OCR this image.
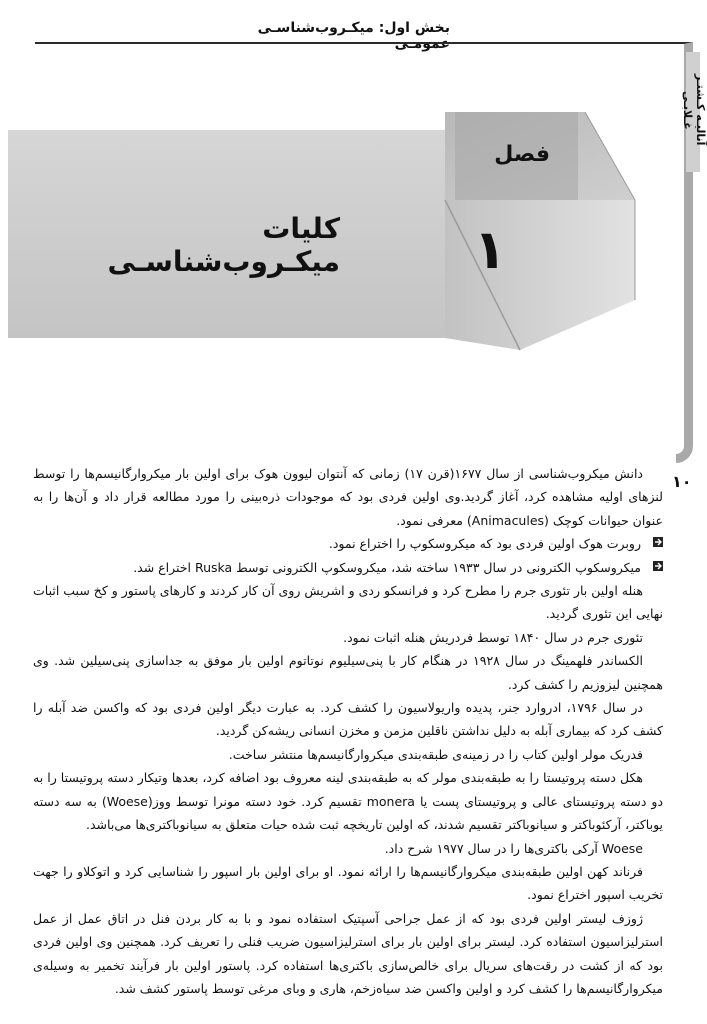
بخش اول: میکـروب‌شناسـی عمومـی
آنالیـه کـشتـر غـلابـی
۱۰
فصل
۱
کلیات میکـروب‌شناسـی

دانش میکروب‌شناسی از سال ۱۶۷۷(قرن ۱۷) زمانی که آنتوان لیوون هوک برای اولین بار میکروارگانیسم‌ها را توسط لنزهای اولیه مشاهده کرد، آغاز گردید.وی اولین فردی بود که موجودات ذره‌بینی را مورد مطالعه قرار داد و آن‌ها را به عنوان حیوانات کوچک (Animacules) معرفی نمود.

روبرت هوک اولین فردی بود که میکروسکوپ را اختراع نمود.

میکروسکوپ الکترونی در سال ۱۹۳۳ ساخته شد، میکروسکوپ الکترونی توسط Ruska اختراع شد.

هنله اولین بار تئوری جرم را مطرح کرد و فرانسکو ردی و اشریش روی آن کار کردند و کارهای پاستور و کخ سبب اثبات نهایی این تئوری گردید.

تئوری جرم در سال ۱۸۴۰ توسط فردریش هنله اثبات نمود.

الکساندر فلهمینگ در سال ۱۹۲۸ در هنگام کار با پنی‌سیلیوم نوتاتوم اولین بار موفق به جداسازی پنی‌سیلین شد. وی همچنین لیزوزیم را کشف کرد.

در سال ۱۷۹۶، ادروارد جنر، پدیده واریولاسیون را کشف کرد. به عبارت دیگر اولین فردی بود که واکسن ضد آبله را کشف کرد که بیماری آبله به دلیل نداشتن ناقلین مزمن و مخزن انسانی ریشه‌کن گردید.

فدریک مولر اولین کتاب را در زمینه‌ی طبقه‌بندی میکروارگانیسم‌ها منتشر ساخت.

هکل دسته پروتیستا را به طبقه‌بندی مولر که به طبقه‌بندی لینه معروف بود اضافه کرد، بعدها وتیکار دسته پروتیستا را به دو دسته پروتیستای عالی و پروتیستای پست یا monera تقسیم کرد. خود دسته مونرا توسط ووز(Woese) به سه دسته یوباکتر، آرکئوباکتر و سیانوباکتر تقسیم شدند، که اولین تاریخچه ثبت شده حیات متعلق به سیانوباکتری‌ها می‌باشد.

Woese آرکی باکتری‌ها را در سال ۱۹۷۷ شرح داد.

فرناند کهن اولین طبقه‌بندی میکروارگانیسم‌ها را ارائه نمود. او برای اولین بار اسپور را شناسایی کرد و اتوکلاو را جهت تخریب اسپور اختراع نمود.

ژوزف لیستر اولین فردی بود که از عمل جراحی آسپتیک استفاده نمود و با به کار بردن فنل در اتاق عمل از عمل استرلیزاسیون استفاده کرد. لیستر برای اولین بار برای استرلیزاسیون ضریب فنلی را تعریف کرد. همچنین وی اولین فردی بود که از کشت در رقت‌های سریال برای خالص‌سازی باکتری‌ها استفاده کرد. پاستور اولین بار فرآیند تخمیر به وسیله‌ی میکروارگانیسم‌ها را کشف کرد و اولین واکسن ضد سیاه‌زخم، هاری و وبای مرغی توسط پاستور کشف شد.
